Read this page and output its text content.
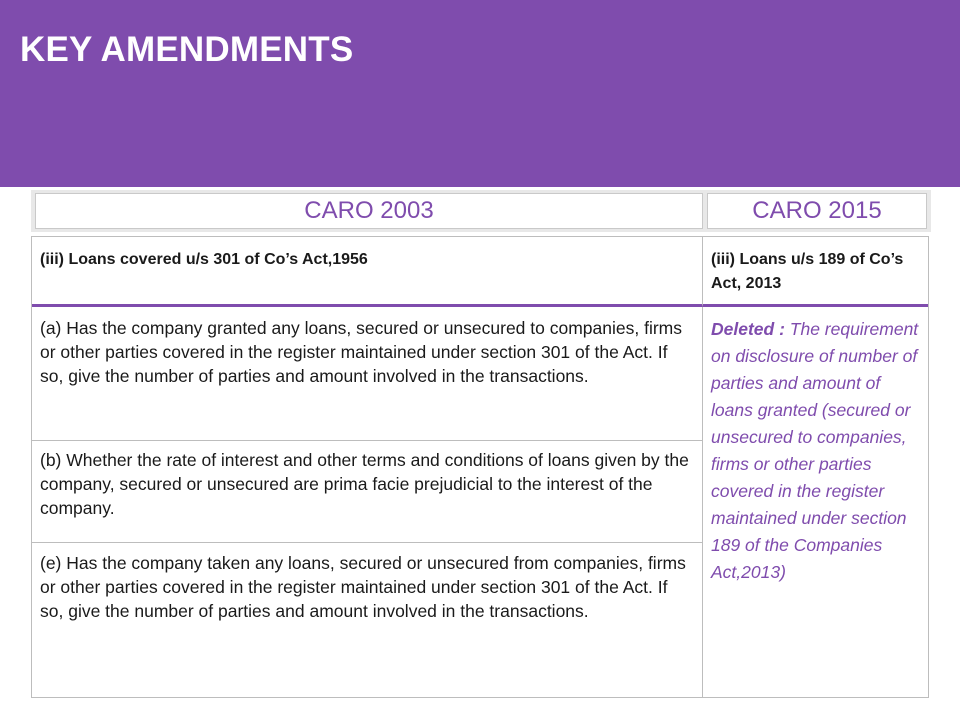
KEY AMENDMENTS
CARO 2003	CARO 2015
(iii) Loans covered u/s 301 of Co’s Act,1956	(iii) Loans u/s 189 of Co’s Act, 2013
(a) Has the company granted any loans, secured or unsecured to companies, firms or other parties covered in the register maintained under section 301 of the Act. If so, give the number of parties and amount involved in the transactions.
(b) Whether the rate of interest and other terms and conditions of loans given by the company, secured or unsecured are prima facie prejudicial to the interest of the company.
(e) Has the company taken any loans, secured or unsecured from companies, firms or other parties covered in the register maintained under section 301 of the Act. If so, give the number of parties and amount involved in the transactions.
Deleted : The requirement on disclosure of number of parties and amount of loans granted (secured or unsecured to companies, firms or other parties covered in the register maintained under section 189 of the Companies Act,2013)
